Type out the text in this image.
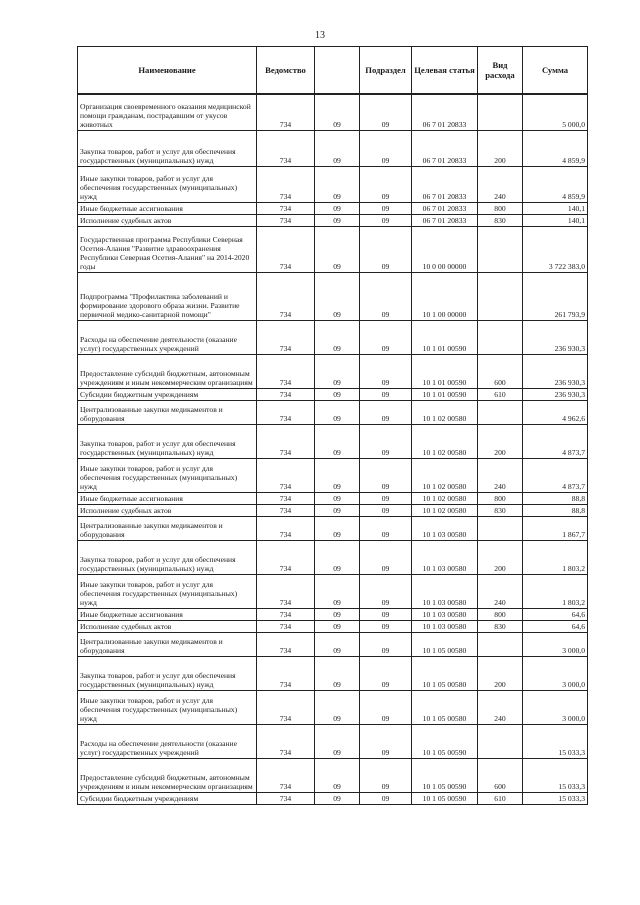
13
Наименование	Ведомство		Подраздел	Целевая статья	Вид расхода	Сумма
Организация своевременного оказания медицинской помощи гражданам, пострадавшим от укусов животных	734	09	09	06 7 01 20833		5 000,0
Закупка товаров, работ и услуг для обеспечения государственных (муниципальных) нужд	734	09	09	06 7 01 20833	200	4 859,9
Иные закупки товаров, работ и услуг для обеспечения государственных (муниципальных) нужд	734	09	09	06 7 01 20833	240	4 859,9
Иные бюджетные ассигнования	734	09	09	06 7 01 20833	800	140,1
Исполнение судебных актов	734	09	09	06 7 01 20833	830	140,1
Государственная программа Республики Северная Осетия-Алания "Развитие здравоохранения Республики Северная Осетия-Алания" на 2014-2020 годы	734	09	09	10 0 00 00000		3 722 383,0
Подпрограмма "Профилактика заболеваний и формирование здорового образа жизни. Развитие первичной медико-санитарной помощи"	734	09	09	10 1 00 00000		261 793,9
Расходы на обеспечение деятельности (оказание услуг) государственных учреждений	734	09	09	10 1 01 00590		236 930,3
Предоставление субсидий бюджетным, автономным учреждениям и иным некоммерческим организациям	734	09	09	10 1 01 00590	600	236 930,3
Субсидии бюджетным учреждениям	734	09	09	10 1 01 00590	610	236 930,3
Централизованные закупки медикаментов и оборудования	734	09	09	10 1 02 00580		4 962,6
Закупка товаров, работ и услуг для обеспечения государственных (муниципальных) нужд	734	09	09	10 1 02 00580	200	4 873,7
Иные закупки товаров, работ и услуг для обеспечения государственных (муниципальных) нужд	734	09	09	10 1 02 00580	240	4 873,7
Иные бюджетные ассигнования	734	09	09	10 1 02 00580	800	88,8
Исполнение судебных актов	734	09	09	10 1 02 00580	830	88,8
Централизованные закупки медикаментов и оборудования	734	09	09	10 1 03 00580		1 867,7
Закупка товаров, работ и услуг для обеспечения государственных (муниципальных) нужд	734	09	09	10 1 03 00580	200	1 803,2
Иные закупки товаров, работ и услуг для обеспечения государственных (муниципальных) нужд	734	09	09	10 1 03 00580	240	1 803,2
Иные бюджетные ассигнования	734	09	09	10 1 03 00580	800	64,6
Исполнение судебных актов	734	09	09	10 1 03 00580	830	64,6
Централизованные закупки медикаментов и оборудования	734	09	09	10 1 05 00580		3 000,0
Закупка товаров, работ и услуг для обеспечения государственных (муниципальных) нужд	734	09	09	10 1 05 00580	200	3 000,0
Иные закупки товаров, работ и услуг для обеспечения государственных (муниципальных) нужд	734	09	09	10 1 05 00580	240	3 000,0
Расходы на обеспечение деятельности (оказание услуг) государственных учреждений	734	09	09	10 1 05 00590		15 033,3
Предоставление субсидий бюджетным, автономным учреждениям и иным некоммерческим организациям	734	09	09	10 1 05 00590	600	15 033,3
Субсидии бюджетным учреждениям	734	09	09	10 1 05 00590	610	15 033,3
